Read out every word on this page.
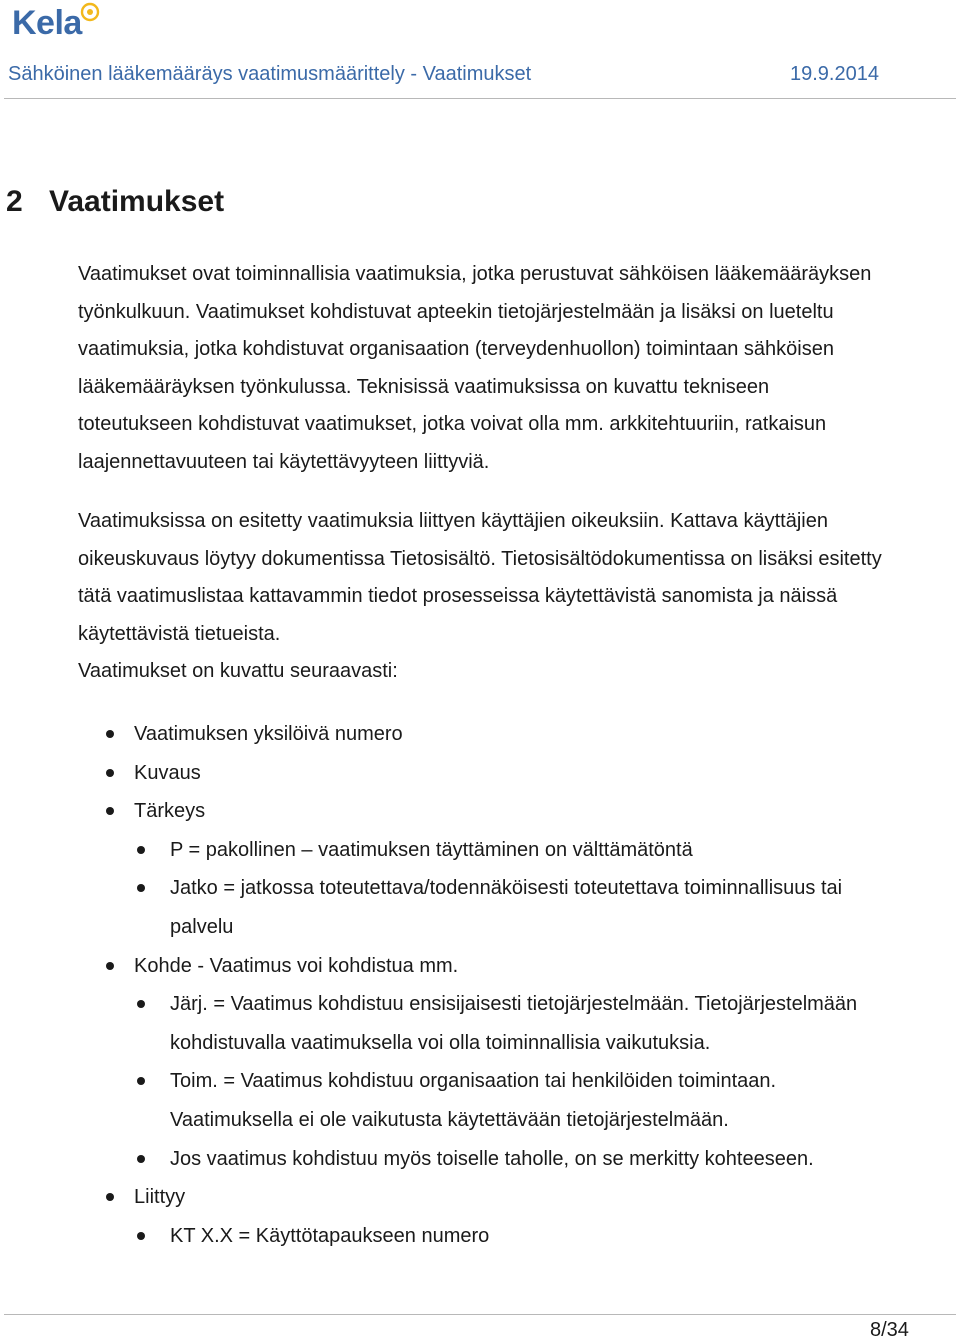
Kela
Sähköinen lääkemääräys vaatimusmäärittely - Vaatimukset	19.9.2014
2 Vaatimukset

Vaatimukset ovat toiminnallisia vaatimuksia, jotka perustuvat sähköisen lääkemääräyksen
työnkulkuun. Vaatimukset kohdistuvat apteekin tietojärjestelmään ja lisäksi on lueteltu
vaatimuksia, jotka kohdistuvat organisaation (terveydenhuollon) toimintaan sähköisen
lääkemääräyksen työnkulussa. Teknisissä vaatimuksissa on kuvattu tekniseen
toteutukseen kohdistuvat vaatimukset, jotka voivat olla mm. arkkitehtuuriin, ratkaisun
laajennettavuuteen tai käytettävyyteen liittyviä.

Vaatimuksissa on esitetty vaatimuksia liittyen käyttäjien oikeuksiin. Kattava käyttäjien
oikeuskuvaus löytyy dokumentissa Tietosisältö. Tietosisältödokumentissa on lisäksi esitetty
tätä vaatimuslistaa kattavammin tiedot prosesseissa käytettävistä sanomista ja näissä
käytettävistä tietueista.
Vaatimukset on kuvattu seuraavasti:

Vaatimuksen yksilöivä numero
Kuvaus
Tärkeys
P = pakollinen – vaatimuksen täyttäminen on välttämätöntä
Jatko = jatkossa toteutettava/todennäköisesti toteutettava toiminnallisuus tai
palvelu
Kohde - Vaatimus voi kohdistua mm.
Järj. = Vaatimus kohdistuu ensisijaisesti tietojärjestelmään. Tietojärjestelmään
kohdistuvalla vaatimuksella voi olla toiminnallisia vaikutuksia.
Toim. = Vaatimus kohdistuu organisaation tai henkilöiden toimintaan.
Vaatimuksella ei ole vaikutusta käytettävään tietojärjestelmään.
Jos vaatimus kohdistuu myös toiselle taholle, on se merkitty kohteeseen.
Liittyy
KT X.X = Käyttötapaukseen numero
8/34
